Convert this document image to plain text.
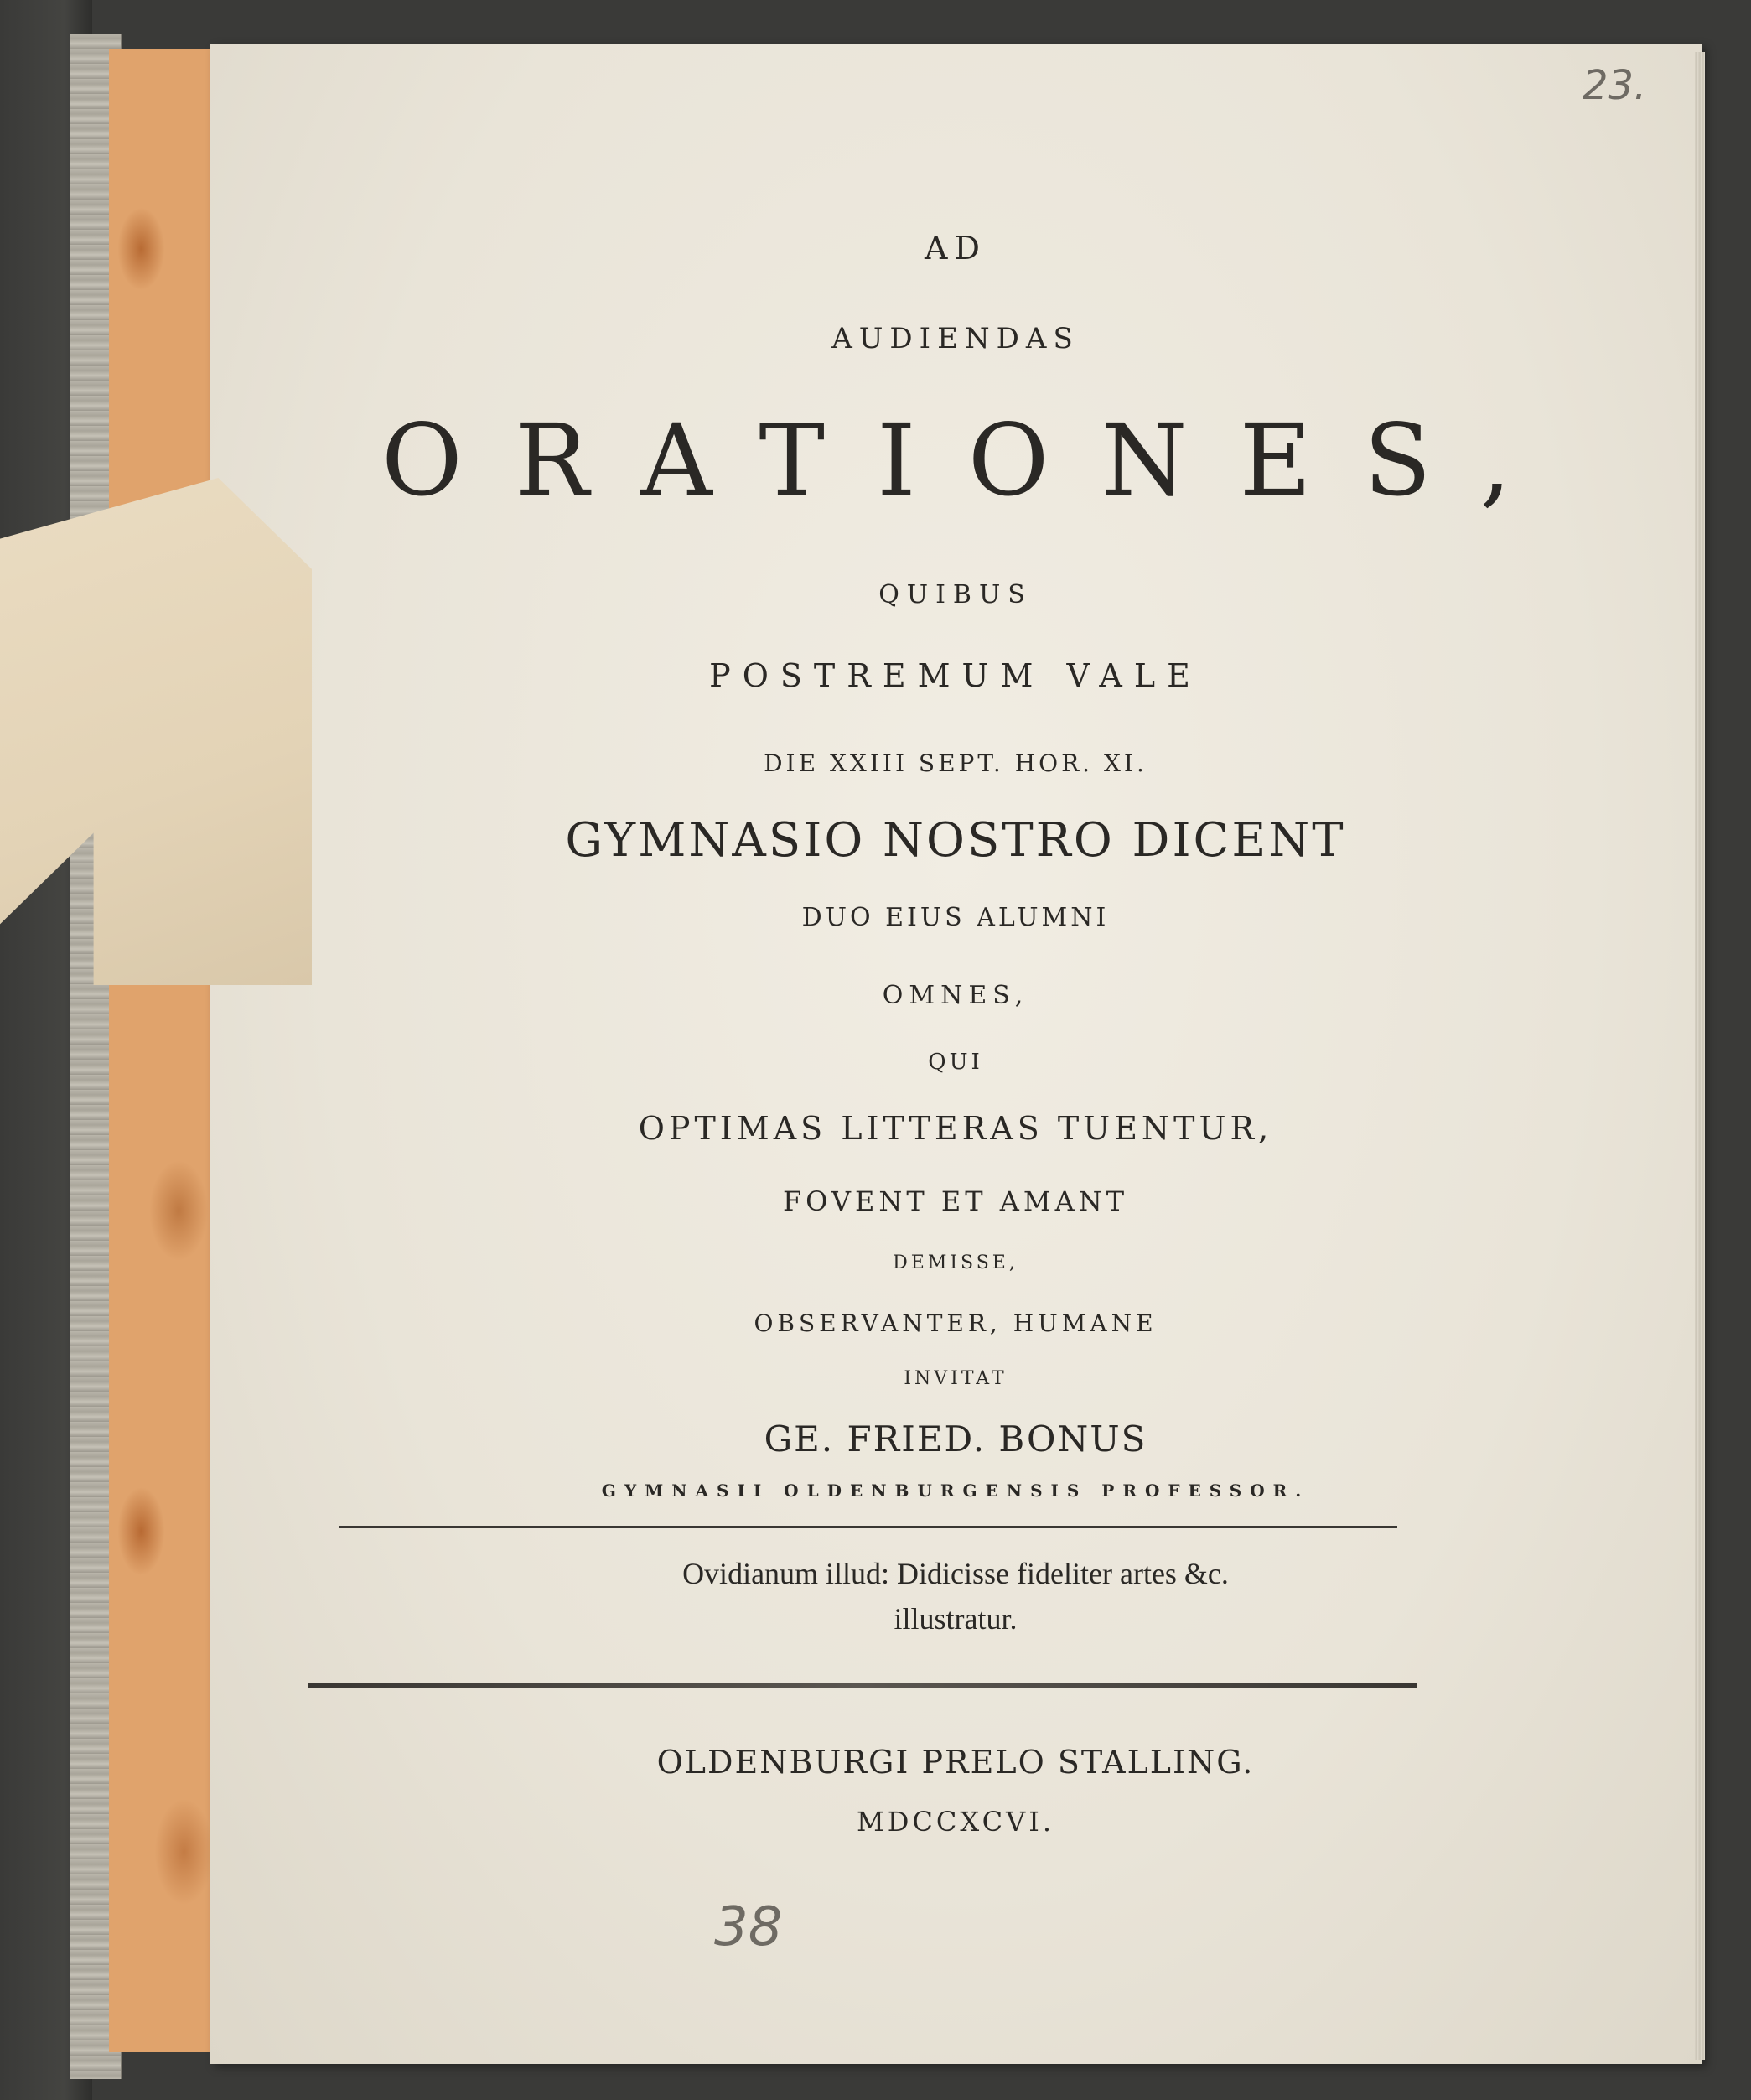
23.
38
AD
AUDIENDAS
ORATIONES,
QUIBUS
POSTREMUM VALE
DIE XXIII SEPT. HOR. XI.
GYMNASIO NOSTRO DICENT
DUO EIUS ALUMNI
OMNES,
QUI
OPTIMAS LITTERAS TUENTUR,
FOVENT ET AMANT
DEMISSE,
OBSERVANTER, HUMANE
INVITAT
GE. FRIED. BONUS
GYMNASII OLDENBURGENSIS PROFESSOR.
Ovidianum illud: Didicisse fideliter artes &c.
illustratur.
OLDENBURGI PRELO STALLING.
MDCCXCVI.
